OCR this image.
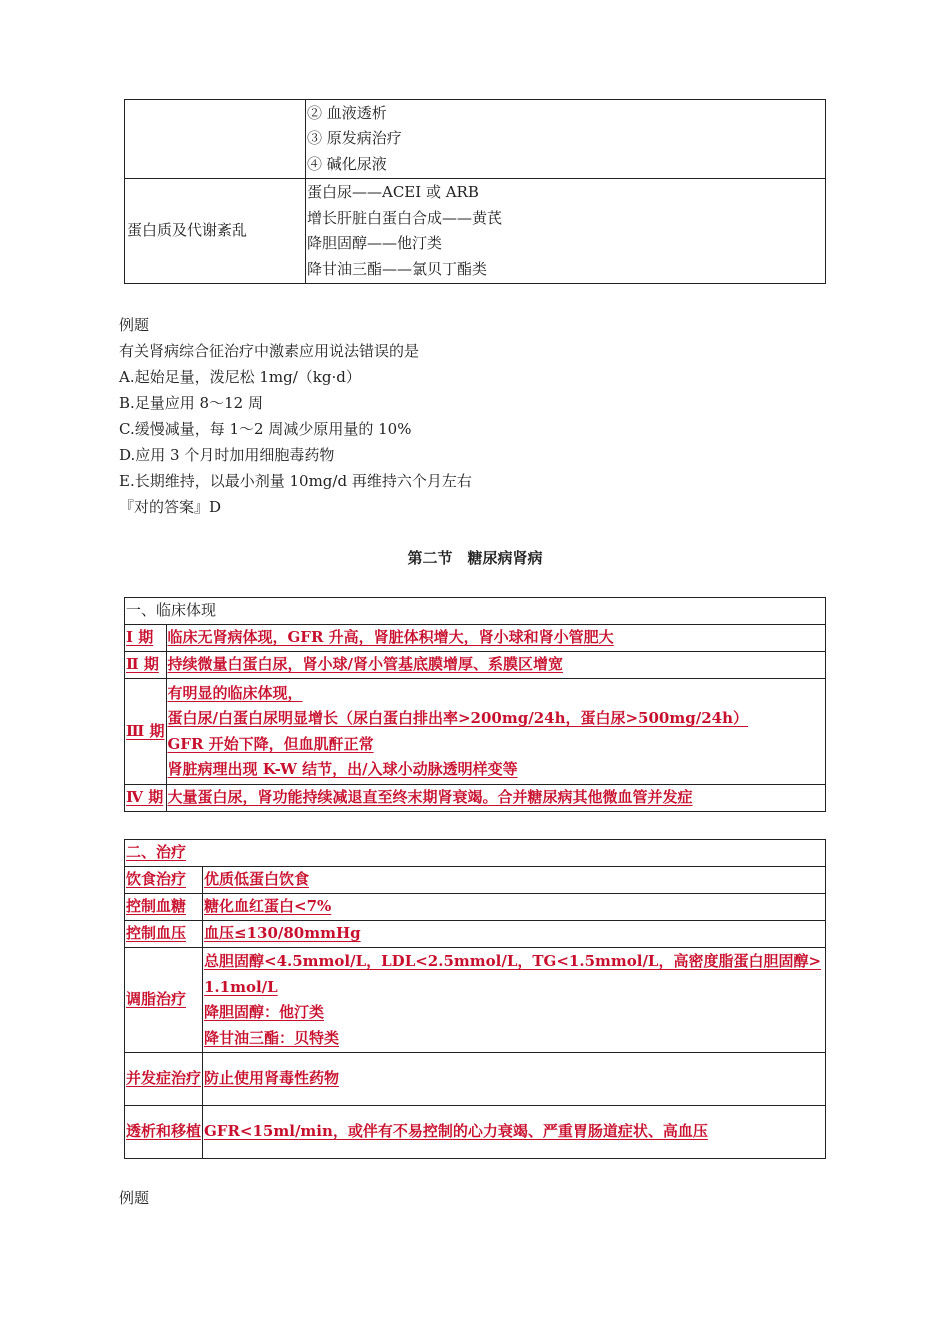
	② 血液透析
③ 原发病治疗
④ 碱化尿液

蛋白质及代谢紊乱	蛋白尿——ACEI 或 ARB
增长肝脏白蛋白合成——黄芪
降胆固醇——他汀类
降甘油三酯——氯贝丁酯类
例题
有关肾病综合征治疗中激素应用说法错误的是
A.起始足量，泼尼松 1mg/（kg·d）
B.足量应用 8～12 周
C.缓慢减量，每 1～2 周减少原用量的 10%
D.应用 3 个月时加用细胞毒药物
E.长期维持，以最小剂量 10mg/d 再维持六个月左右
『对的答案』D
第二节　糖尿病肾病
一、临床体现	
Ⅰ 期	临床无肾病体现，GFR 升高，肾脏体积增大，肾小球和肾小管肥大
Ⅱ 期	持续微量白蛋白尿，肾小球/肾小管基底膜增厚、系膜区增宽
Ⅲ 期	有明显的临床体现，
蛋白尿/白蛋白尿明显增长（尿白蛋白排出率>200mg/24h，蛋白尿>500mg/24h）
GFR 开始下降，但血肌酐正常
肾脏病理出现 K-W 结节，出/入球小动脉透明样变等

Ⅳ 期	大量蛋白尿，肾功能持续减退直至终末期肾衰竭。合并糖尿病其他微血管并发症
二、治疗	
饮食治疗	优质低蛋白饮食
控制血糖	糖化血红蛋白<7%
控制血压	血压≤130/80mmHg
调脂治疗	总胆固醇<4.5mmol/L，LDL<2.5mmol/L，TG<1.5mmol/L，高密度脂蛋白胆固醇>
1.1mol/L
降胆固醇：他汀类
降甘油三酯：贝特类

并发症治疗	防止使用肾毒性药物
透析和移植	GFR<15ml/min，或伴有不易控制的心力衰竭、严重胃肠道症状、高血压
例题
